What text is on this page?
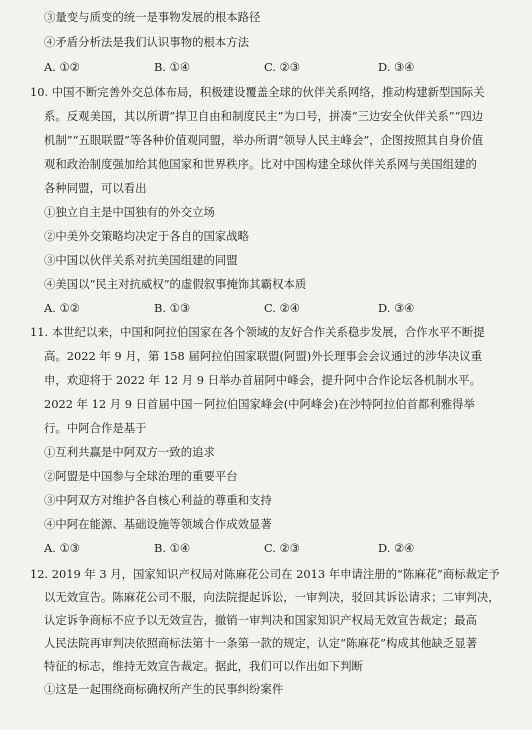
③量变与质变的统一是事物发展的根本路径
④矛盾分析法是我们认识事物的根本方法
A. ①②	B. ①④	C. ②③	D. ③④
10. 中国不断完善外交总体布局，积极建设覆盖全球的伙伴关系网络，推动构建新型国际关
系。反观美国，其以所谓“捍卫自由和制度民主”为口号，拼凑“三边安全伙伴关系”“四边
机制”“五眼联盟”等各种价值观同盟，举办所谓“领导人民主峰会”，企图按照其自身价值
观和政治制度强加给其他国家和世界秩序。比对中国构建全球伙伴关系网与美国组建的
各种同盟，可以看出
①独立自主是中国独有的外交立场
②中美外交策略均决定于各自的国家战略
③中国以伙伴关系对抗美国组建的同盟
④美国以“民主对抗威权”的虚假叙事掩饰其霸权本质
A. ①②	B. ①③	C. ②④	D. ③④
11. 本世纪以来，中国和阿拉伯国家在各个领域的友好合作关系稳步发展，合作水平不断提
高。2022 年 9 月，第 158 届阿拉伯国家联盟(阿盟)外长理事会会议通过的涉华决议重
申，欢迎将于 2022 年 12 月 9 日举办首届阿中峰会，提升阿中合作论坛各机制水平。
2022 年 12 月 9 日首届中国－阿拉伯国家峰会(中阿峰会)在沙特阿拉伯首都利雅得举
行。中阿合作是基于
①互利共赢是中阿双方一致的追求
②阿盟是中国参与全球治理的重要平台
③中阿双方对维护各自核心利益的尊重和支持
④中阿在能源、基础设施等领域合作成效显著
A. ①③	B. ①④	C. ②③	D. ②④
12. 2019 年 3 月，国家知识产权局对陈麻花公司在 2013 年申请注册的“陈麻花”商标裁定予
以无效宣告。陈麻花公司不服，向法院提起诉讼，一审判决，驳回其诉讼请求；二审判决，
认定诉争商标不应予以无效宣告，撤销一审判决和国家知识产权局无效宣告裁定；最高
人民法院再审判决依照商标法第十一条第一款的规定，认定“陈麻花”构成其他缺乏显著
特征的标志，维持无效宣告裁定。据此，我们可以作出如下判断
①这是一起围绕商标确权所产生的民事纠纷案件
